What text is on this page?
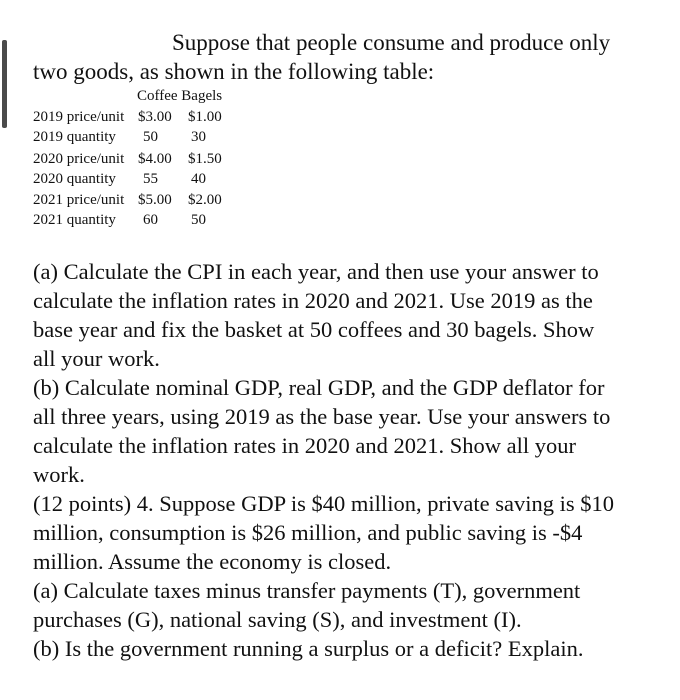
Suppose that people consume and produce only
two goods, as shown in the following table:
Coffee Bagels
2019 price/unit $3.00 $1.00
2019 quantity 50 30
2020 price/unit $4.00 $1.50
2020 quantity 55 40
2021 price/unit $5.00 $2.00
2021 quantity 60 50
(a) Calculate the CPI in each year, and then use your answer to
calculate the inflation rates in 2020 and 2021. Use 2019 as the
base year and fix the basket at 50 coffees and 30 bagels. Show
all your work.
(b) Calculate nominal GDP, real GDP, and the GDP deflator for
all three years, using 2019 as the base year. Use your answers to
calculate the inflation rates in 2020 and 2021. Show all your
work.
(12 points) 4. Suppose GDP is $40 million, private saving is $10
million, consumption is $26 million, and public saving is -$4
million. Assume the economy is closed.
(a) Calculate taxes minus transfer payments (T), government
purchases (G), national saving (S), and investment (I).
(b) Is the government running a surplus or a deficit? Explain.
